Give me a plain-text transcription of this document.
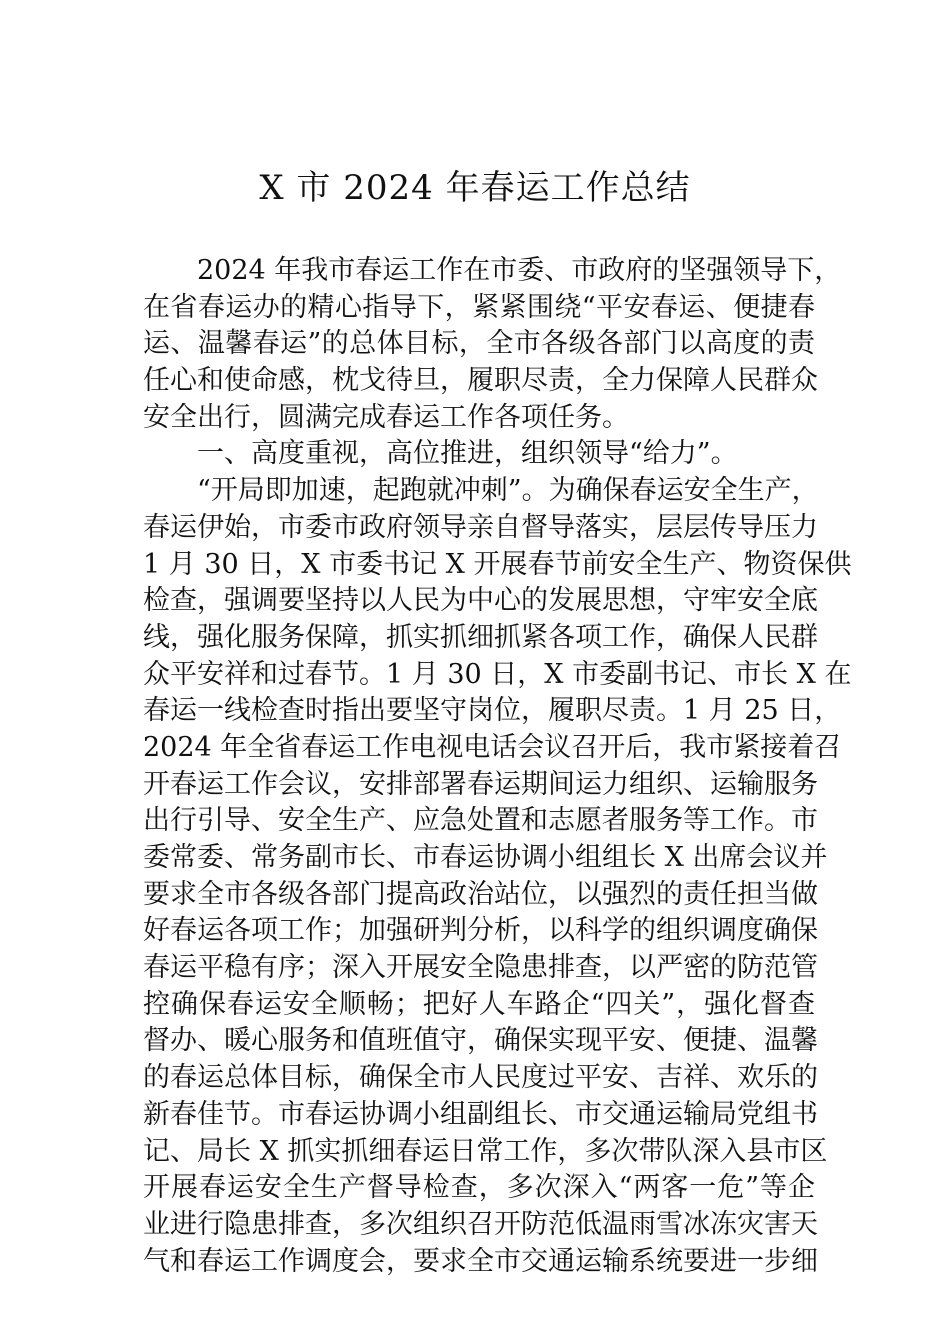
X 市 2024 年春运工作总结
2024 年我市春运工作在市委、市政府的坚强领导下，
在省春运办的精心指导下，紧紧围绕“平安春运、便捷春
运、温馨春运”的总体目标，全市各级各部门以高度的责
任心和使命感，枕戈待旦，履职尽责，全力保障人民群众
安全出行，圆满完成春运工作各项任务。
一、高度重视，高位推进，组织领导“给力”。
“开局即加速，起跑就冲刺”。为确保春运安全生产，
春运伊始，市委市政府领导亲自督导落实，层层传导压力
1 月 30 日，X 市委书记 X 开展春节前安全生产、物资保供
检查，强调要坚持以人民为中心的发展思想，守牢安全底
线，强化服务保障，抓实抓细抓紧各项工作，确保人民群
众平安祥和过春节。1 月 30 日，X 市委副书记、市长 X 在
春运一线检查时指出要坚守岗位，履职尽责。1 月 25 日，
2024 年全省春运工作电视电话会议召开后，我市紧接着召
开春运工作会议，安排部署春运期间运力组织、运输服务
出行引导、安全生产、应急处置和志愿者服务等工作。市
委常委、常务副市长、市春运协调小组组长 X 出席会议并
要求全市各级各部门提高政治站位，以强烈的责任担当做
好春运各项工作；加强研判分析，以科学的组织调度确保
春运平稳有序；深入开展安全隐患排查，以严密的防范管
控确保春运安全顺畅；把好人车路企“四关”，强化督查
督办、暖心服务和值班值守，确保实现平安、便捷、温馨
的春运总体目标，确保全市人民度过平安、吉祥、欢乐的
新春佳节。市春运协调小组副组长、市交通运输局党组书
记、局长 X 抓实抓细春运日常工作，多次带队深入县市区
开展春运安全生产督导检查，多次深入“两客一危”等企
业进行隐患排查，多次组织召开防范低温雨雪冰冻灾害天
气和春运工作调度会，要求全市交通运输系统要进一步细
